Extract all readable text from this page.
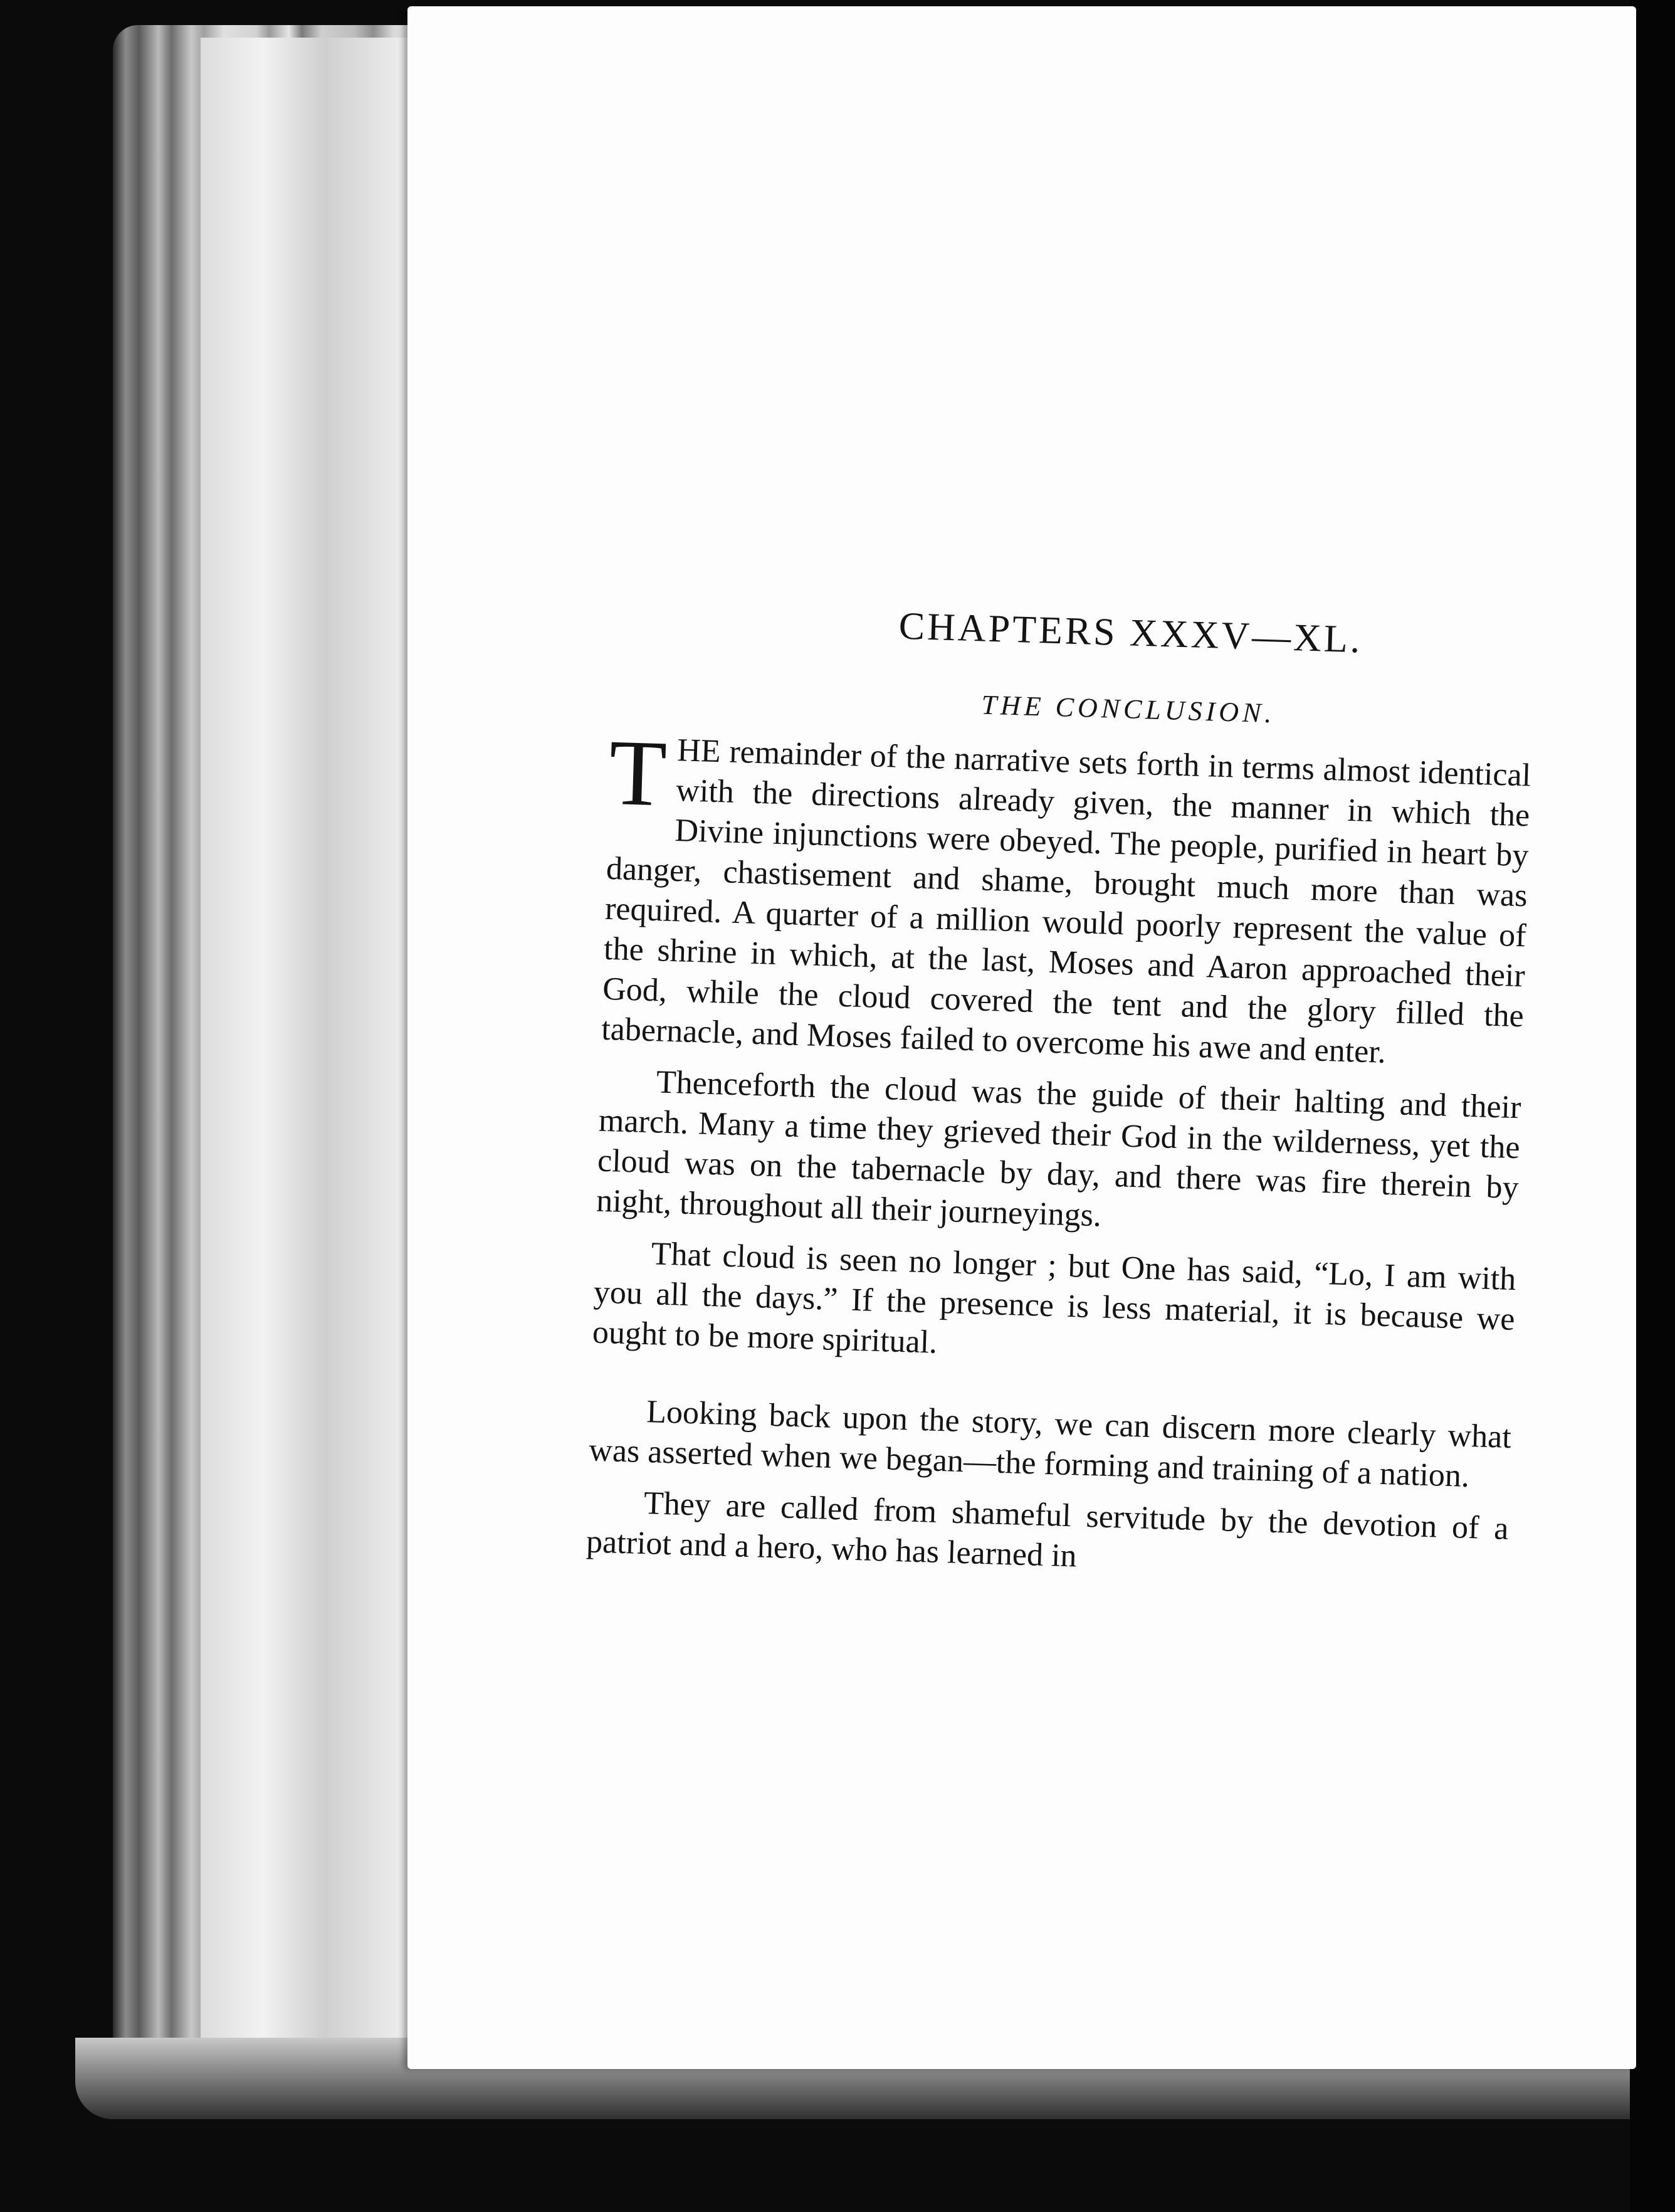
CHAPTERS XXXV—XL.
THE CONCLUSION.

THE remainder of the narrative sets forth in terms almost identical with the directions already given, the manner in which the Divine injunctions were obeyed. The people, purified in heart by danger, chastisement and shame, brought much more than was required. A quarter of a million would poorly represent the value of the shrine in which, at the last, Moses and Aaron approached their God, while the cloud covered the tent and the glory filled the tabernacle, and Moses failed to overcome his awe and enter.

Thenceforth the cloud was the guide of their halting and their march. Many a time they grieved their God in the wilderness, yet the cloud was on the tabernacle by day, and there was fire therein by night, throughout all their journeyings.

That cloud is seen no longer ; but One has said, “Lo, I am with you all the days.” If the presence is less material, it is because we ought to be more spiritual.

Looking back upon the story, we can discern more clearly what was asserted when we began—the forming and training of a nation.

They are called from shameful servitude by the devotion of a patriot and a hero, who has learned in
